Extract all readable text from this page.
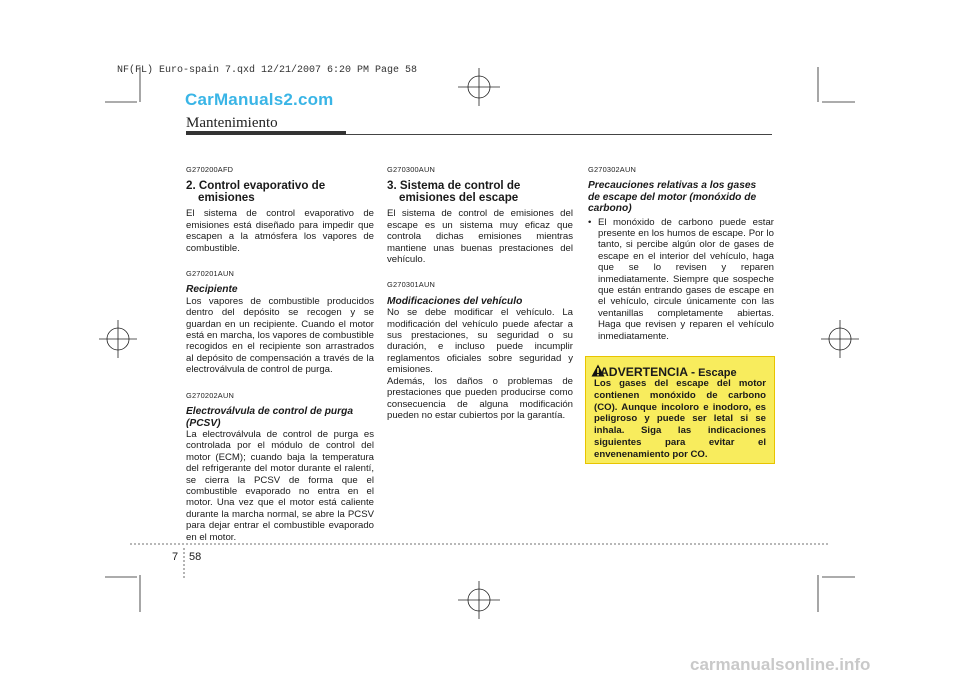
NF(FL) Euro-spain 7.qxd 12/21/2007 6:20 PM Page 58
CarManuals2.com
carmanualsonline.info
Mantenimiento
G270200AFD
2. Control evaporativo de
emisiones

El sistema de control evaporativo de emisiones está diseñado para impedir que escapen a la atmósfera los vapores de combustible.

G270201AUN
Recipiente

Los vapores de combustible producidos dentro del depósito se recogen y se guardan en un recipiente. Cuando el motor está en marcha, los vapores de combustible recogidos en el recipiente son arrastrados al depósito de compensación a través de la electroválvula de control de purga.

G270202AUN
Electroválvula de control de purga
(PCSV)

La electroválvula de control de purga es controlada por el módulo de control del motor (ECM); cuando baja la temperatura del refrigerante del motor durante el ralentí, se cierra la PCSV de forma que el combustible evaporado no entra en el motor. Una vez que el motor está caliente durante la marcha normal, se abre la PCSV para dejar entrar el combustible evaporado en el motor.

G270300AUN
3. Sistema de control de
emisiones del escape

El sistema de control de emisiones del escape es un sistema muy eficaz que controla dichas emisiones mientras mantiene unas buenas prestaciones del vehículo.

G270301AUN
Modificaciones del vehículo

No se debe modificar el vehículo. La modificación del vehículo puede afectar a sus prestaciones, su seguridad o su duración, e incluso puede incumplir reglamentos oficiales sobre seguridad y emisiones.

Además, los daños o problemas de prestaciones que pueden producirse como consecuencia de alguna modificación pueden no estar cubiertos por la garantía.

G270302AUN
Precauciones relativas a los gases
de escape del motor (monóxido de
carbono)
• El monóxido de carbono puede estar presente en los humos de escape. Por lo tanto, si percibe algún olor de gases de escape en el interior del vehículo, haga que se lo revisen y reparen inmediatamente. Siempre que sospeche que están entrando gases de escape en el vehículo, circule únicamente con las ventanillas completamente abiertas. Haga que revisen y reparen el vehículo inmediatamente.
ADVERTENCIA - Escape
Los gases del escape del motor contienen monóxido de carbono (CO). Aunque incoloro e inodoro, es peligroso y puede ser letal si se inhala. Siga las indicaciones siguientes para evitar el envenenamiento por CO.
7 58
